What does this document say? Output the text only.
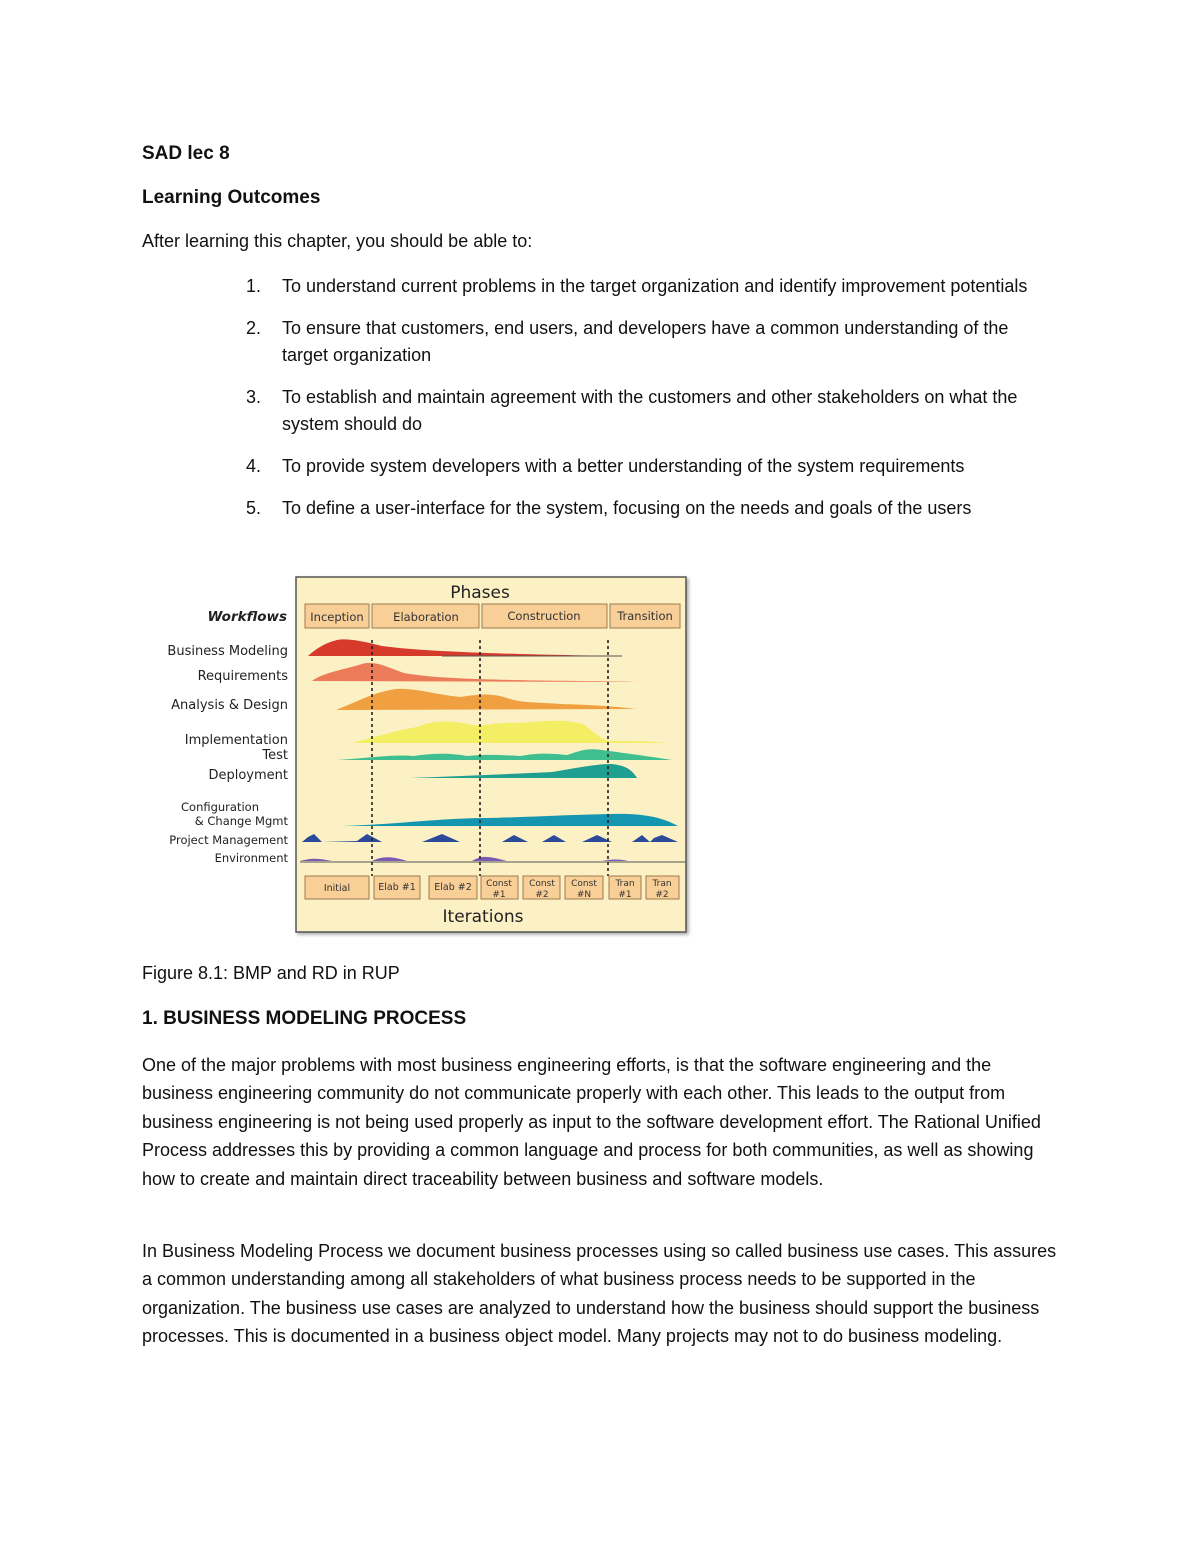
SAD lec 8
Learning Outcomes
After learning this chapter, you should be able to:
1. To understand current problems in the target organization and identify improvement potentials
2. To ensure that customers, end users, and developers have a common understanding of the target organization
3. To establish and maintain agreement with the customers and other stakeholders on what the system should do
4. To provide system developers with a better understanding of the system requirements
5. To define a user-interface for the system, focusing on the needs and goals of the users
Phases
Inception	Elaboration	Construction	Transition
Workflows
Business Modeling
Requirements
Analysis & Design
Implementation
Test
Deployment
Configuration
& Change Mgmt
Project Management
Environment
Initial	Elab #1 Elab #2 Const
#1
Const
#2
Const
#N
Tran
#1
Tran
#2
Iterations
Figure 8.1: BMP and RD in RUP
1. BUSINESS MODELING PROCESS

One of the major problems with most business engineering efforts, is that the software engineering and the business engineering community do not communicate properly with each other. This leads to the output from business engineering is not being used properly as input to the software development effort. The Rational Unified Process addresses this by providing a common language and process for both communities, as well as showing how to create and maintain direct traceability between business and software models.

In Business Modeling Process we document business processes using so called business use cases. This assures a common understanding among all stakeholders of what business process needs to be supported in the organization. The business use cases are analyzed to understand how the business should support the business processes. This is documented in a business object model. Many projects may not to do business modeling.
